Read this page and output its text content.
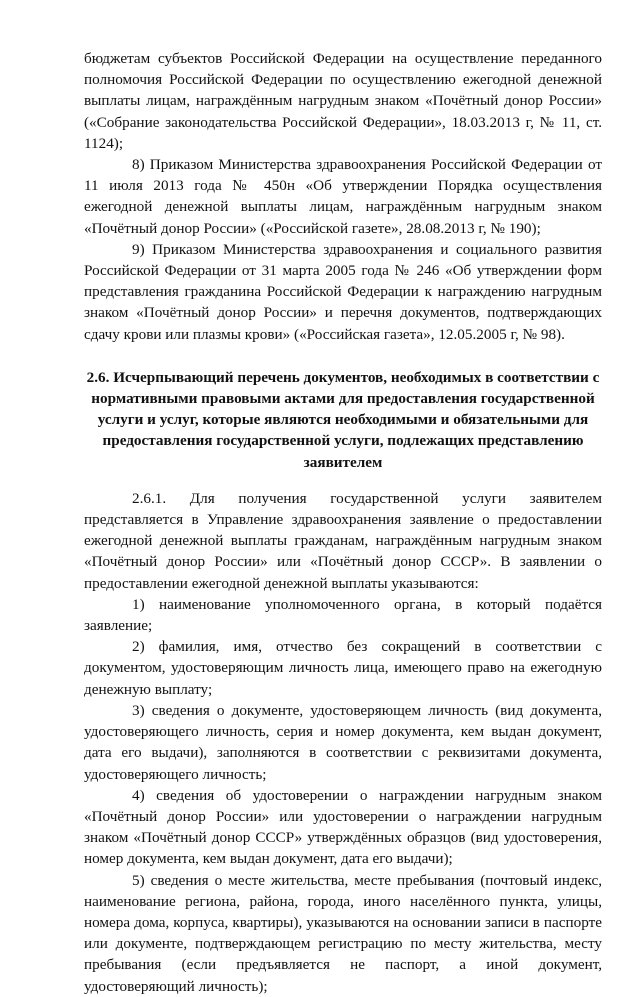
бюджетам субъектов Российской Федерации на осуществление переданного полномочия Российской Федерации по осуществлению ежегодной денежной выплаты лицам, награждённым нагрудным знаком «Почётный донор России» («Собрание законодательства Российской Федерации», 18.03.2013 г, № 11, ст. 1124);

8) Приказом Министерства здравоохранения Российской Федерации от 11 июля 2013 года № 450н «Об утверждении Порядка осуществления ежегодной денежной выплаты лицам, награждённым нагрудным знаком «Почётный донор России» («Российской газете», 28.08.2013 г, № 190);

9) Приказом Министерства здравоохранения и социального развития Российской Федерации от 31 марта 2005 года № 246 «Об утверждении форм представления гражданина Российской Федерации к награждению нагрудным знаком «Почётный донор России» и перечня документов, подтверждающих сдачу крови или плазмы крови» («Российская газета», 12.05.2005 г, № 98).

2.6. Исчерпывающий перечень документов, необходимых в соответствии с нормативными правовыми актами для предоставления государственной услуги и услуг, которые являются необходимыми и обязательными для предоставления государственной услуги, подлежащих представлению заявителем

2.6.1. Для получения государственной услуги заявителем представляется в Управление здравоохранения заявление о предоставлении ежегодной денежной выплаты гражданам, награждённым нагрудным знаком «Почётный донор России» или «Почётный донор СССР». В заявлении о предоставлении ежегодной денежной выплаты указываются:

1) наименование уполномоченного органа, в который подаётся заявление;

2) фамилия, имя, отчество без сокращений в соответствии с документом, удостоверяющим личность лица, имеющего право на ежегодную денежную выплату;

3) сведения о документе, удостоверяющем личность (вид документа, удостоверяющего личность, серия и номер документа, кем выдан документ, дата его выдачи), заполняются в соответствии с реквизитами документа, удостоверяющего личность;

4) сведения об удостоверении о награждении нагрудным знаком «Почётный донор России» или удостоверении о награждении нагрудным знаком «Почётный донор СССР» утверждённых образцов (вид удостоверения, номер документа, кем выдан документ, дата его выдачи);

5) сведения о месте жительства, месте пребывания (почтовый индекс, наименование региона, района, города, иного населённого пункта, улицы, номера дома, корпуса, квартиры), указываются на основании записи в паспорте или документе, подтверждающем регистрацию по месту жительства, месту пребывания (если предъявляется не паспорт, а иной документ, удостоверяющий личность);
